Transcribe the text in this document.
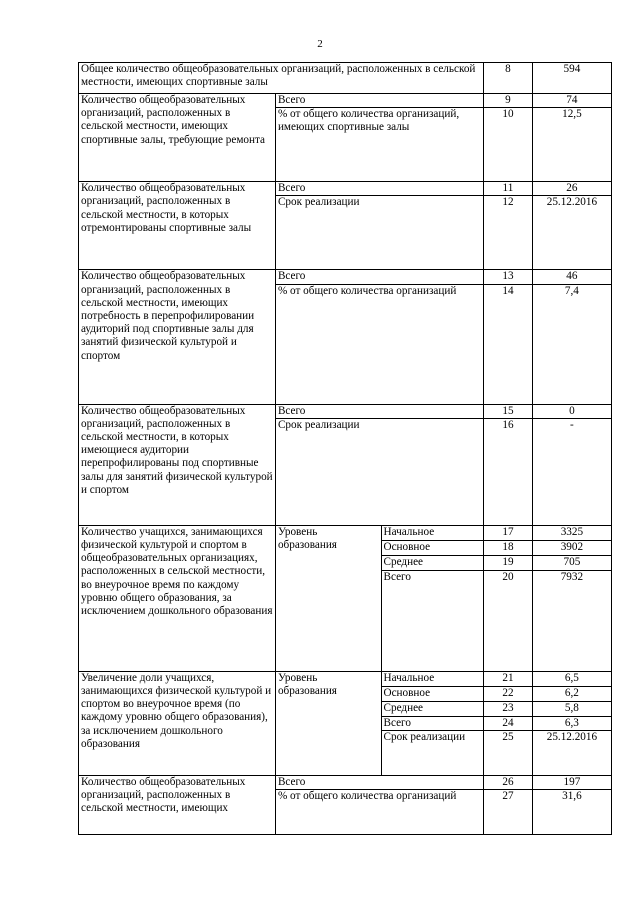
2
Общее количество общеобразовательных организаций, расположенных в сельской местности, имеющих спортивные залы			8	594
Количество общеобразовательных организаций, расположенных в сельской местности, имеющих спортивные залы, требующие ремонта	Всего		9	74
	% от общего количества организаций, имеющих спортивные залы		10	12,5
Количество общеобразовательных организаций, расположенных в сельской местности, в которых отремонтированы спортивные залы	Всего		11	26
	Срок реализации		12	25.12.2016
Количество общеобразовательных организаций, расположенных в сельской местности, имеющих потребность в перепрофилировании аудиторий под спортивные залы для занятий физической культурой и спортом	Всего		13	46
	% от общего количества организаций		14	7,4
Количество общеобразовательных организаций, расположенных в сельской местности, в которых имеющиеся аудитории перепрофилированы под спортивные залы для занятий физической культурой и спортом	Всего		15	0
	Срок реализации		16	-
Количество учащихся, занимающихся физической культурой и спортом в общеобразовательных организациях, расположенных в сельской местности, во внеурочное время по каждому уровню общего образования, за исключением дошкольного образования	Уровень образования	Начальное	17	3325
		Основное	18	3902
		Среднее	19	705
		Всего	20	7932
Увеличение доли учащихся, занимающихся физической культурой и спортом во внеурочное время (по каждому уровню общего образования), за исключением дошкольного образования	Уровень образования	Начальное	21	6,5
		Основное	22	6,2
		Среднее	23	5,8
		Всего	24	6,3
		Срок реализации	25	25.12.2016
Количество общеобразовательных организаций, расположенных в сельской местности, имеющих	Всего		26	197
	% от общего количества организаций		27	31,6
